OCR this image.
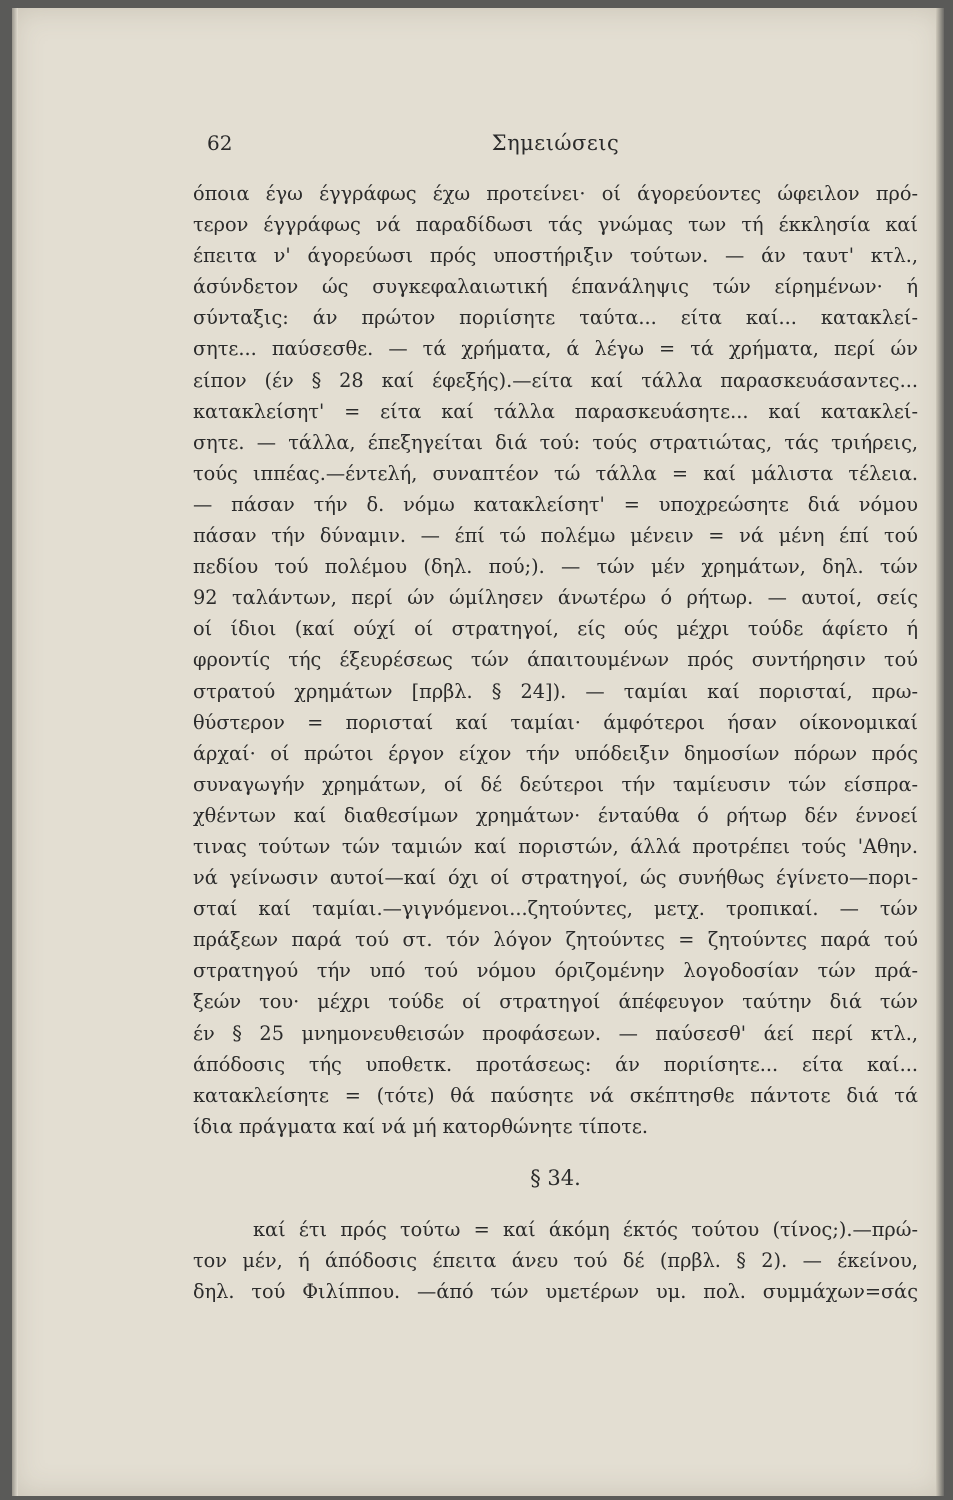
62	Σημειώσεις
όποια έγω έγγράφως έχω προτείνει· οί άγορεύοντες ώφειλον πρό-
τερον έγγράφως νά παραδίδωσι τάς γνώμας των τή έκκλησία καί
έπειτα ν' άγορεύωσι πρός υποστήριξιν τούτων. — άν ταυτ' κτλ.,
άσύνδετον ώς συγκεφαλαιωτική έπανάληψις τών είρημένων· ή
σύνταξις: άν πρώτον ποριίσητε ταύτα... είτα καί... κατακλεί-
σητε... παύσεσθε. — τά χρήματα, ά λέγω = τά χρήματα, περί ών
είπον (έν § 28 καί έφεξής).—είτα καί τάλλα παρασκευάσαντες...
κατακλείσητ' = είτα καί τάλλα παρασκευάσητε... καί κατακλεί-
σητε. — τάλλα, έπεξηγείται διά τού: τούς στρατιώτας, τάς τριήρεις,
τούς ιππέας.—έντελή, συναπτέον τώ τάλλα = καί μάλιστα τέλεια.
— πάσαν τήν δ. νόμω κατακλείσητ' = υποχρεώσητε διά νόμου
πάσαν τήν δύναμιν. — έπί τώ πολέμω μένειν = νά μένη έπί τού
πεδίου τού πολέμου (δηλ. πού;). — τών μέν χρημάτων, δηλ. τών
92 ταλάντων, περί ών ώμίλησεν άνωτέρω ό ρήτωρ. — αυτοί, σείς
οί ίδιοι (καί ούχί οί στρατηγοί, είς ούς μέχρι τούδε άφίετο ή
φροντίς τής έξευρέσεως τών άπαιτουμένων πρός συντήρησιν τού
στρατού χρημάτων [πρβλ. § 24]). — ταμίαι καί πορισταί, πρω-
θύστερον = πορισταί καί ταμίαι· άμφότεροι ήσαν οίκονομικαί
άρχαί· οί πρώτοι έργον είχον τήν υπόδειξιν δημοσίων πόρων πρός
συναγωγήν χρημάτων, οί δέ δεύτεροι τήν ταμίευσιν τών είσπρα-
χθέντων καί διαθεσίμων χρημάτων· ένταύθα ό ρήτωρ δέν έννοεί
τινας τούτων τών ταμιών καί ποριστών, άλλά προτρέπει τούς 'Αθην.
νά γείνωσιν αυτοί—καί όχι οί στρατηγοί, ώς συνήθως έγίνετο—πορι-
σταί καί ταμίαι.—γιγνόμενοι...ζητούντες, μετχ. τροπικαί. — τών
πράξεων παρά τού στ. τόν λόγον ζητούντες = ζητούντες παρά τού
στρατηγού τήν υπό τού νόμου όριζομένην λογοδοσίαν τών πρά-
ξεών του· μέχρι τούδε οί στρατηγοί άπέφευγον ταύτην διά τών
έν § 25 μνημονευθεισών προφάσεων. — παύσεσθ' άεί περί κτλ.,
άπόδοσις τής υποθετκ. προτάσεως: άν ποριίσητε... είτα καί...
κατακλείσητε = (τότε) θά παύσητε νά σκέπτησθε πάντοτε διά τά
ίδια πράγματα καί νά μή κατορθώνητε τίποτε.
§ 34.
καί έτι πρός τούτω = καί άκόμη έκτός τούτου (τίνος;).—πρώ-
τον μέν, ή άπόδοσις έπειτα άνευ τού δέ (πρβλ. § 2). — έκείνου,
δηλ. τού Φιλίππου. —άπό τών υμετέρων υμ. πολ. συμμάχων=σάς
